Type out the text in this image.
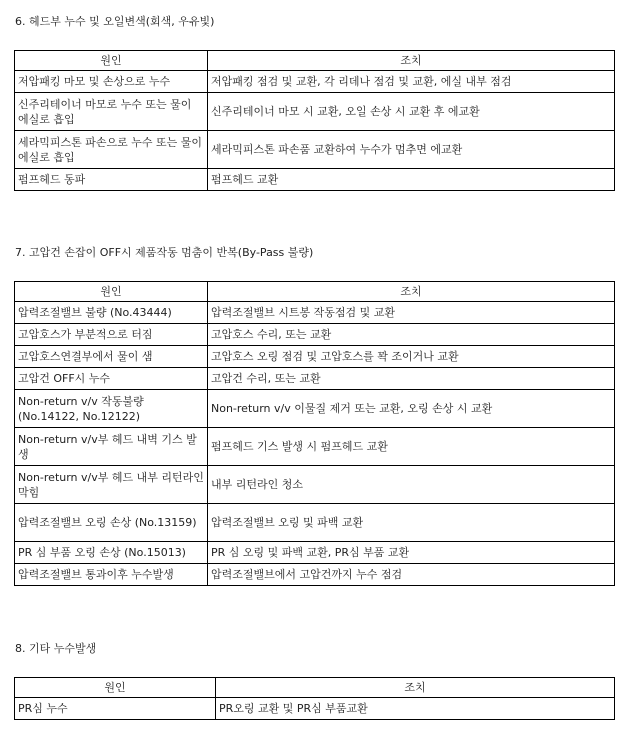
6. 헤드부 누수 및 오일변색(회색, 우유빛)
원인	조치
저압패킹 마모 및 손상으로 누수	저압패킹 점검 및 교환, 각 리데나 점검 및 교환, 에실 내부 점검
신주리테이너 마모로 누수 또는 물이 에실로 흡입	신주리테이너 마모 시 교환, 오일 손상 시 교환 후 에교환
세라믹피스톤 파손으로 누수 또는 물이 에실로 흡입	세라믹피스톤 파손품 교환하여 누수가 멈추면 에교환
펌프헤드 동파	펌프헤드 교환
7. 고압건 손잡이 OFF시 제품작동 멈춤이 반복(By-Pass 불량)
원인	조치
압력조절밸브 불량 (No.43444)	압력조절밸브 시트봉 작동점검 및 교환
고압호스가 부분적으로 터짐	고압호스 수리, 또는 교환
고압호스연결부에서 물이 샘	고압호스 오링 점검 및 고압호스를 꽉 조이거나 교환
고압건 OFF시 누수	고압건 수리, 또는 교환
Non-return v/v 작동불량 (No.14122, No.12122)	Non-return v/v 이물질 제거 또는 교환, 오링 손상 시 교환
Non-return v/v부 헤드 내벽 기스 발생	펌프헤드 기스 발생 시 펌프헤드 교환
Non-return v/v부 헤드 내부 리턴라인 막힘	내부 리턴라인 청소
압력조절밸브 오링 손상 (No.13159)	압력조절밸브 오링 및 파백 교환
PR 심 부품 오링 손상 (No.15013)	PR 심 오링 및 파백 교환, PR심 부품 교환
압력조절밸브 통과이후 누수발생	압력조절밸브에서 고압건까지 누수 점검
8. 기타 누수발생
원인	조치
PR심 누수	PR오링 교환 및 PR심 부품교환
